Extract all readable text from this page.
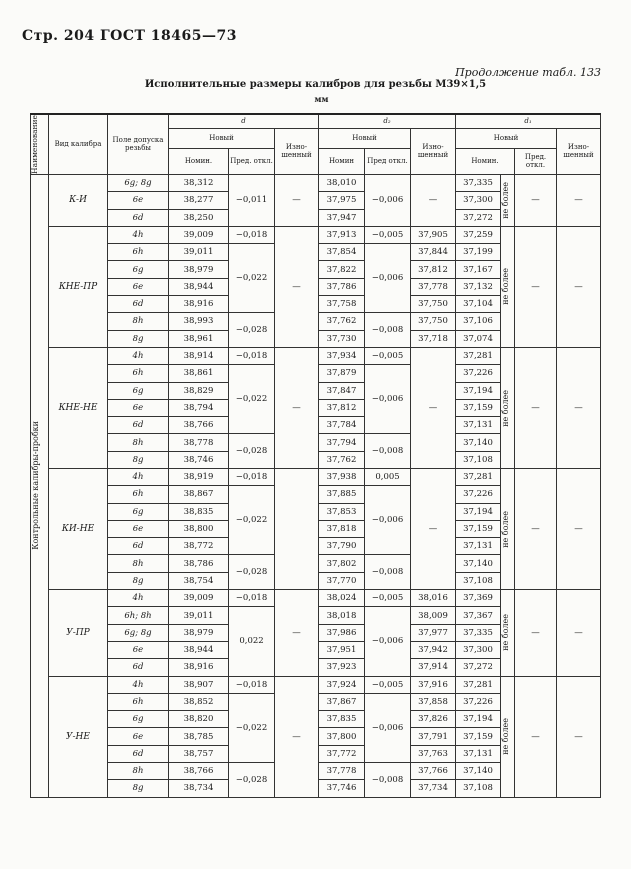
Стр. 204 ГОСТ 18465—73
Продолжение табл. 133
Исполнительные размеры калибров для резьбы М39×1,5
мм
Наименование	Вид калибра	Поле допуска резьбы	d			d₂			d₁			
			Новый		Изно-шенный	Новый		Изно-шенный	Новый			Изно-шенный
			Номин.	Пред. откл.		Номин	Пред откл.		Номин.		Пред. откл.	

Контрольные калибры-пробки	К-И	6g; 8g	38,312	−0,011	—	38,010	−0,006	—	37,335	не более	—	—
		6e	38,277			37,975			37,300			
		6d	38,250			37,947			37,272			
	КНЕ-ПР	4h	39,009	−0,018	—	37,913	−0,005	37,905	37,259	не более	—	—
		6h	39,011	−0,022		37,854	−0,006	37,844	37,199			
		6g	38,979			37,822		37,812	37,167			
		6e	38,944			37,786		37,778	37,132			
		6d	38,916			37,758		37,750	37,104			
		8h	38,993	−0,028		37,762	−0,008	37,750	37,106			
		8g	38,961			37,730		37,718	37,074			
	КНЕ-НЕ	4h	38,914	−0,018	—	37,934	−0,005	—	37,281	не более	—	—
		6h	38,861	−0,022		37,879	−0,006		37,226			
		6g	38,829			37,847			37,194			
		6e	38,794			37,812			37,159			
		6d	38,766			37,784			37,131			
		8h	38,778	−0,028		37,794	−0,008		37,140			
		8g	38,746			37,762			37,108			
	КИ-НЕ	4h	38,919	−0,018		37,938	0,005	—	37,281	не более	—	—
		6h	38,867	−0,022		37,885	−0,006		37,226			
		6g	38,835			37,853			37,194			
		6e	38,800			37,818			37,159			
		6d	38,772			37,790			37,131			
		8h	38,786	−0,028		37,802	−0,008		37,140			
		8g	38,754			37,770			37,108			
	У-ПР	4h	39,009	−0,018	—	38,024	−0,005	38,016	37,369	не более	—	—
		6h; 8h	39,011	0,022		38,018	−0,006	38,009	37,367			
		6g; 8g	38,979			37,986		37,977	37,335			
		6e	38,944			37,951		37,942	37,300			
		6d	38,916			37,923		37,914	37,272			
	У-НЕ	4h	38,907	−0,018	—	37,924	−0,005	37,916	37,281	не более	—	—
		6h	38,852	−0,022		37,867	−0,006	37,858	37,226			
		6g	38,820			37,835		37,826	37,194			
		6e	38,785			37,800		37,791	37,159			
		6d	38,757			37,772		37,763	37,131			
		8h	38,766	−0,028		37,778	−0,008	37,766	37,140			
		8g	38,734			37,746		37,734	37,108			
